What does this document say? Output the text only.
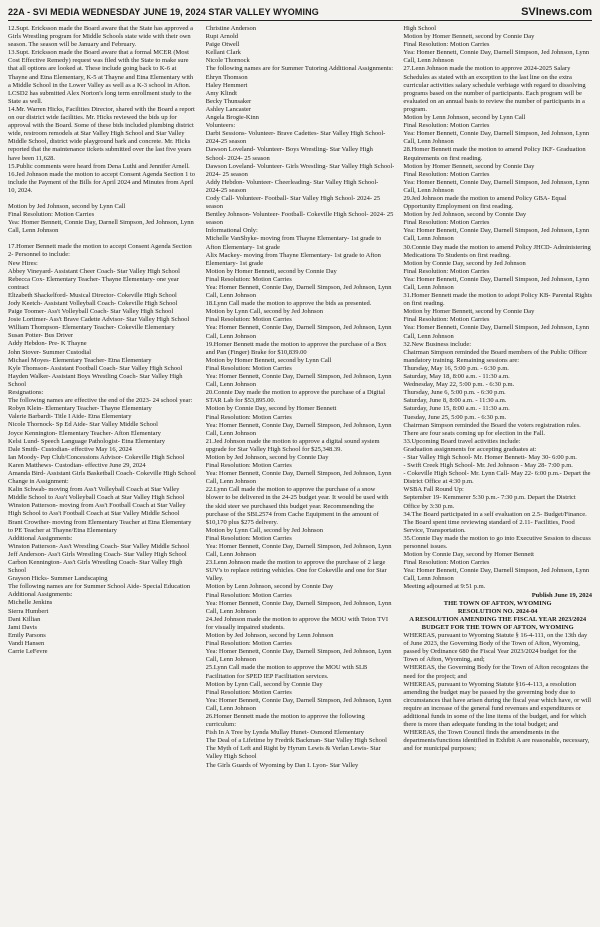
22A - SVI MEDIA WEDNESDAY JUNE 19, 2024 STAR VALLEY WYOMING	SVInews.com

12.Supt. Ericksson made the Board aware that the State has approved a Girls Wrestling program for Middle Schools state wide with their own season. The season will be January and February.

13.Supt. Ericksson made the Board aware that a formal MCER (Most Cost Effective Remedy) request was filed with the State to make sure that all options are looked at. These include going back to K-6 at Thayne and Etna Elementary, K-5 at Thayne and Etna Elementary with a Middle School in the Lower Valley as well as a K-3 school in Afton. LCSD2 has submitted Alex Norton's long term enrollment study to the State as well.

14.Mr. Warren Hicks, Facilities Director, shared with the Board a report on our district wide facilities. Mr. Hicks reviewed the bids up for approval with the Board. Some of these bids included plumbing district wide, restroom remodels at Star Valley High School and Star Valley Middle School, district wide playground bark and concrete. Mr. Hicks reported that the maintenance tickets submitted over the last five years have been 11,628.

15.Public comments were heard from Dena Luthi and Jennifer Arnell.

16.Jed Johnson made the motion to accept Consent Agenda Section 1 to include the Payment of the Bills for April 2024 and Minutes from April 10, 2024.

Motion by Jed Johnson, second by Lynn Call

Final Resolution: Motion Carries

Yea: Homer Bennett, Connie Day, Darnell Simpson, Jed Johnson, Lynn Call, Lenn Johnson

17.Homer Bennett made the motion to accept Consent Agenda Section 2- Personnel to include:

New Hires:

Abbey Vineyard- Assistant Cheer Coach- Star Valley High School

Rebecca Cox- Elementary Teacher- Thayne Elementary- one year contract

Elizabeth Shackelford- Musical Director- Cokeville High School

Jody Keetch- Assistant Volleyball Coach- Cokeville High School

Paige Toomer- Ass't Volleyball Coach- Star Valley High School

Josie Lortimer- Ass't Brave Cadette Advisor- Star Valley High School

William Thompson- Elementary Teacher- Cokeville Elementary

Susan Potter- Bus Driver

Addy Hebdon- Pre- K Thayne

John Stover- Summer Custodial

Michael Moyes- Elementary Teacher- Etna Elementary

Kyle Thomson- Assistant Football Coach- Star Valley High School

Hayden Walker- Assistant Boys Wrestling Coach- Star Valley High School

Resignations:

The following names are effective the end of the 2023- 24 school year:

Robyn Klein- Elementary Teacher- Thayne Elementary

Valerie Barbardi- Title I Aide- Etna Elementary

Nicole Thornock- Sp Ed Aide- Star Valley Middle School

Joyce Kennington- Elementary Teacher- Afton Elementary

Kelsi Lund- Speech Language Pathologist- Etna Elementary

Dale Smith- Custodian- effective May 16, 2024

Ian Moody- Pep Club/Concessions Advisor- Cokeville High School

Karen Matthews- Custodian- effective June 29, 2024

Amanda Bird- Assistant Girls Basketball Coach- Cokeville High School

Change in Assignment:

Kalin Schwab- moving from Ass't Volleyball Coach at Star Valley Middle School to Ass't Volleyball Coach at Star Valley High School

Winston Patterson- moving from Ass't Football Coach at Star Valley High School to Ass't Football Coach at Star Valley Middle School

Brant Crowther- moving from Elementary Teacher at Etna Elementary to PE Teacher at Thayne/Etna Elementary

Additional Assignments:

Winston Patterson- Ass't Wrestling Coach- Star Valley Middle School

Jeff Anderson- Ass't Girls Wrestling Coach- Star Valley High School

Carbon Kennington- Ass't Girls Wrestling Coach- Star Valley High School

Grayson Hicks- Summer Landscaping

The following names are for Summer School Aide- Special Education Additional Assignments:

Michelle Jenkins

Sierra Humbert

Dani Killian

Jami Davis

Emily Parsons

Vandi Hansen

Carrie LeFevre

Christine Anderson

Rupi Arnold

Paige Otwell

Kellani Clark

Nicole Thornock

The following names are for Summer Tutoring Additional Assignments:

Ehryn Thomson

Haley Hemmert

Amy Klindt

Becky Thunsaker

Ashley Lancaster

Angela Brogie-Kinn

Volunteers:

Darbi Sessions- Volunteer- Brave Cadettes- Star Valley High School- 2024-25 season

Dawson Loveland- Volunteer- Boys Wrestling- Star Valley High School- 2024- 25 season

Dawson Loveland- Volunteer- Girls Wrestling- Star Valley High School- 2024- 25 season

Addy Hebdon- Volunteer- Cheerleading- Star Valley High School- 2024-25 season

Cody Call- Volunteer- Football- Star Valley High School- 2024- 25 season

Bentley Johnson- Volunteer- Football- Cokeville High School- 2024- 25 season

Informational Only:

Michelle VanShyke- moving from Thayne Elementary- 1st grade to Afton Elementary- 1st grade

Alix Mackey- moving from Thayne Elementary- 1st grade to Afton Elementary- 1st grade

Motion by Homer Bennett, second by Connie Day

Final Resolution: Motion Carries

Yea: Homer Bennett, Connie Day, Darnell Simpson, Jed Johnson, Lynn Call, Lenn Johnson

18.Lynn Call made the motion to approve the bids as presented.

Motion by Lynn Call, second by Jed Johnson

Final Resolution: Motion Carries

Yea: Homer Bennett, Connie Day, Darnell Simpson, Jed Johnson, Lynn Call, Lenn Johnson

19.Homer Bennett made the motion to approve the purchase of a Box and Pan (Finger) Brake for $10,839.00

Motion by Homer Bennett, second by Lynn Call

Final Resolution: Motion Carries

Yea: Homer Bennett, Connie Day, Darnell Simpson, Jed Johnson, Lynn Call, Lenn Johnson

20.Connie Day made the motion to approve the purchase of a Digital STAR Lab for $53,895.00.

Motion by Connie Day, second by Homer Bennett

Final Resolution: Motion Carries

Yea: Homer Bennett, Connie Day, Darnell Simpson, Jed Johnson, Lynn Call, Lenn Johnson

21.Jed Johnson made the motion to approve a digital sound system upgrade for Star Valley High School for $25,348.39.

Motion by Jed Johnson, second by Connie Day

Final Resolution: Motion Carries

Yea: Homer Bennett, Connie Day, Darnell Simpson, Jed Johnson, Lynn Call, Lenn Johnson

22.Lynn Call made the motion to approve the purchase of a snow blower to be delivered in the 24-25 budget year. It would be used with the skid steer we purchased this budget year. Recommending the purchase of the SBL2574 from Cache Equipment in the amount of $10,170 plus $275 delivery.

Motion by Lynn Call, second by Jed Johnson

Final Resolution: Motion Carries

Yea: Homer Bennett, Connie Day, Darnell Simpson, Jed Johnson, Lynn Call, Lenn Johnson

23.Lenn Johnson made the motion to approve the purchase of 2 large SUV's to replace retiring vehicles. One for Cokeville and one for Star Valley.

Motion by Lenn Johnson, second by Connie Day

Final Resolution: Motion Carries

Yea: Homer Bennett, Connie Day, Darnell Simpson, Jed Johnson, Lynn Call, Lenn Johnson

24.Jed Johnson made the motion to approve the MOU with Teton TVI for visually impaired students.

Motion by Jed Johnson, second by Lenn Johnson

Final Resolution: Motion Carries

Yea: Homer Bennett, Connie Day, Darnell Simpson, Jed Johnson, Lynn Call, Lenn Johnson

25.Lynn Call made the motion to approve the MOU with SLB Facilitation for SPED IEP Facilitation services.

Motion by Lynn Call, second by Connie Day

Final Resolution: Motion Carries

Yea: Homer Bennett, Connie Day, Darnell Simpson, Jed Johnson, Lynn Call, Lenn Johnson

26.Homer Bennett made the motion to approve the following curriculum:

Fish In A Tree by Lynda Mullay Hunet- Osmond Elementary

The Deal of a Lifetime by Fredrik Backman- Star Valley High School

The Myth of Left and Right by Hyrum Lewis & Verlan Lewis- Star Valley High School

The Girls Guards of Wyoming by Dan I. Lyon- Star Valley

High School

Motion by Homer Bennett, second by Connie Day

Final Resolution: Motion Carries

Yea: Homer Bennett, Connie Day, Darnell Simpson, Jed Johnson, Lynn Call, Lenn Johnson

27.Lenn Johnson made the motion to approve 2024-2025 Salary Schedules as stated with an exception to the last line on the extra curricular activities salary schedule verbiage with regard to dissolving programs based on the number of participants. Each program will be evaluated on an annual basis to review the number of participants in a program.

Motion by Lenn Johnson, second by Lynn Call

Final Resolution: Motion Carries

Yea: Homer Bennett, Connie Day, Darnell Simpson, Jed Johnson, Lynn Call, Lenn Johnson

28.Homer Bennett made the motion to amend Policy IKF- Graduation Requirements on first reading.

Motion by Homer Bennett, second by Connie Day

Final Resolution: Motion Carries

Yea: Homer Bennett, Connie Day, Darnell Simpson, Jed Johnson, Lynn Call, Lenn Johnson

29.Jed Johnson made the motion to amend Policy GBA- Equal Opportunity Employment on first reading.

Motion by Jed Johnson, second by Connie Day

Final Resolution: Motion Carries

Yea: Homer Bennett, Connie Day, Darnell Simpson, Jed Johnson, Lynn Call, Lenn Johnson

30.Connie Day made the motion to amend Policy JHCD- Administering Medications To Students on first reading.

Motion by Connie Day, second by Jed Johnson

Final Resolution: Motion Carries

Yea: Homer Bennett, Connie Day, Darnell Simpson, Jed Johnson, Lynn Call, Lenn Johnson

31.Homer Bennett made the motion to adopt Policy KB- Parental Rights on first reading.

Motion by Homer Bennett, second by Connie Day

Final Resolution: Motion Carries

Yea: Homer Bennett, Connie Day, Darnell Simpson, Jed Johnson, Lynn Call, Lenn Johnson

32.New Business include:

Chairman Simpson reminded the Board members of the Public Officer mandatory training. Remaining sessions are:

Thursday, May 16, 5:00 p.m. - 6:30 p.m.

Saturday, May 18, 8:00 a.m. - 11:30 a.m.

Wednesday, May 22, 5:00 p.m. - 6:30 p.m.

Thursday, June 6, 5:00 p.m. - 6:30 p.m.

Saturday, June 8, 8:00 a.m. - 11:30 a.m.

Saturday, June 15, 8:00 a.m. - 11:30 a.m.

Tuesday, June 25, 5:00 p.m. - 6:30 p.m.

Chairman Simpson reminded the Board the voters registration rules. There are four seats coming up for election in the Fall.

33.Upcoming Board travel activities include:

Graduation assignments for accepting graduates at:

- Star Valley High School- Mr. Homer Bennett- May 30- 6:00 p.m.

- Swift Creek High School- Mr. Jed Johnson - May 28- 7:00 p.m.

- Cokeville High School- Mr. Lynn Call- May 22- 6:00 p.m.- Depart the District Office at 4:30 p.m.

WSBA Fall Round Up:

September 19- Kemmerer 5:30 p.m.- 7:30 p.m. Depart the District Office by 3:30 p.m.

34.The Board participated in a self evaluation on 2.5- Budget/Finance. The Board spent time reviewing standard of 2.11- Facilities, Food Service, Transportation.

35.Connie Day made the motion to go into Executive Session to discuss personnel issues.

Motion by Connie Day, second by Homer Bennett

Final Resolution: Motion Carries

Yea: Homer Bennett, Connie Day, Darnell Simpson, Jed Johnson, Lynn Call, Lenn Johnson

Meeting adjourned at 9:51 p.m.

Publish June 19, 2024

THE TOWN OF AFTON, WYOMING

RESOLUTION NO. 2024-04

A RESOLUTION AMENDING THE FISCAL YEAR 2023/2024 BUDGET FOR THE TOWN OF AFTON, WYOMING

WHEREAS, pursuant to Wyoming Statute § 16-4-111, on the 13th day of June 2023, the Governing Body of the Town of Afton, Wyoming, passed by Ordinance 680 the Fiscal Year 2023/2024 budget for the Town of Afton, Wyoming, and;

WHEREAS, the Governing Body for the Town of Afton recognizes the need for the project; and

WHEREAS, pursuant to Wyoming Statute §16-4-113, a resolution amending the budget may be passed by the governing body due to circumstances that have arisen during the fiscal year which have, or will require an increase of the general fund revenues and expenditures or additional funds in some of the line items of the budget, and for which there is more than adequate funding in the total budget; and

WHEREAS, the Town Council finds the amendments in the departments/functions identified in Exhibit A are reasonable, necessary, and for municipal purposes;
